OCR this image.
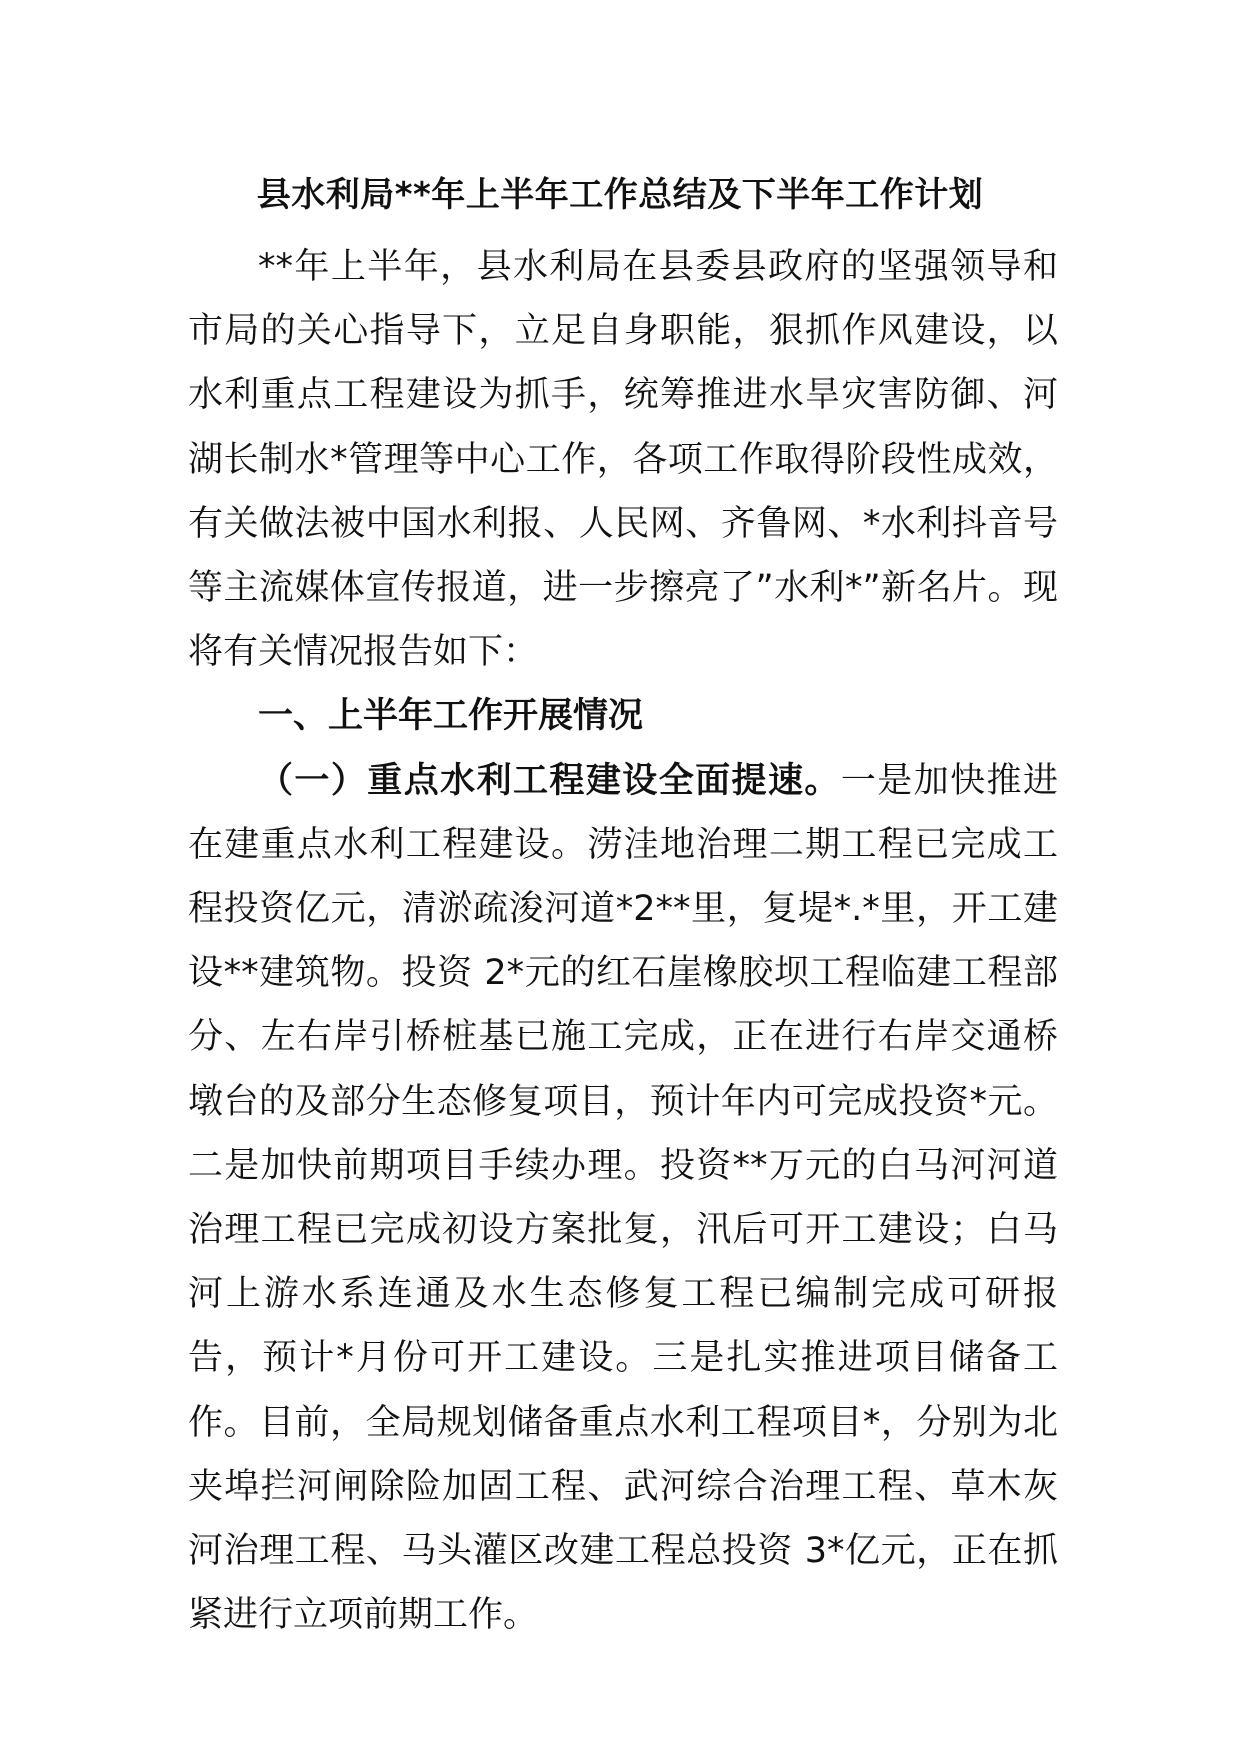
县水利局**年上半年工作总结及下半年工作计划

**年上半年，县水利局在县委县政府的坚强领导和市局的关心指导下，立足自身职能，狠抓作风建设，以水利重点工程建设为抓手，统筹推进水旱灾害防御、河湖长制水*管理等中心工作，各项工作取得阶段性成效，有关做法被中国水利报、人民网、齐鲁网、*水利抖音号等主流媒体宣传报道，进一步擦亮了”水利*”新名片。现将有关情况报告如下：

一、上半年工作开展情况

（一）重点水利工程建设全面提速。一是加快推进在建重点水利工程建设。涝洼地治理二期工程已完成工程投资亿元，清淤疏浚河道*2**里，复堤*.*里，开工建设**建筑物。投资 2*元的红石崖橡胶坝工程临建工程部分、左右岸引桥桩基已施工完成，正在进行右岸交通桥墩台的及部分生态修复项目，预计年内可完成投资*元。二是加快前期项目手续办理。投资**万元的白马河河道治理工程已完成初设方案批复，汛后可开工建设；白马河上游水系连通及水生态修复工程已编制完成可研报告，预计*月份可开工建设。三是扎实推进项目储备工作。目前，全局规划储备重点水利工程项目*，分别为北夹埠拦河闸除险加固工程、武河综合治理工程、草木灰河治理工程、马头灌区改建工程总投资 3*亿元，正在抓紧进行立项前期工作。
